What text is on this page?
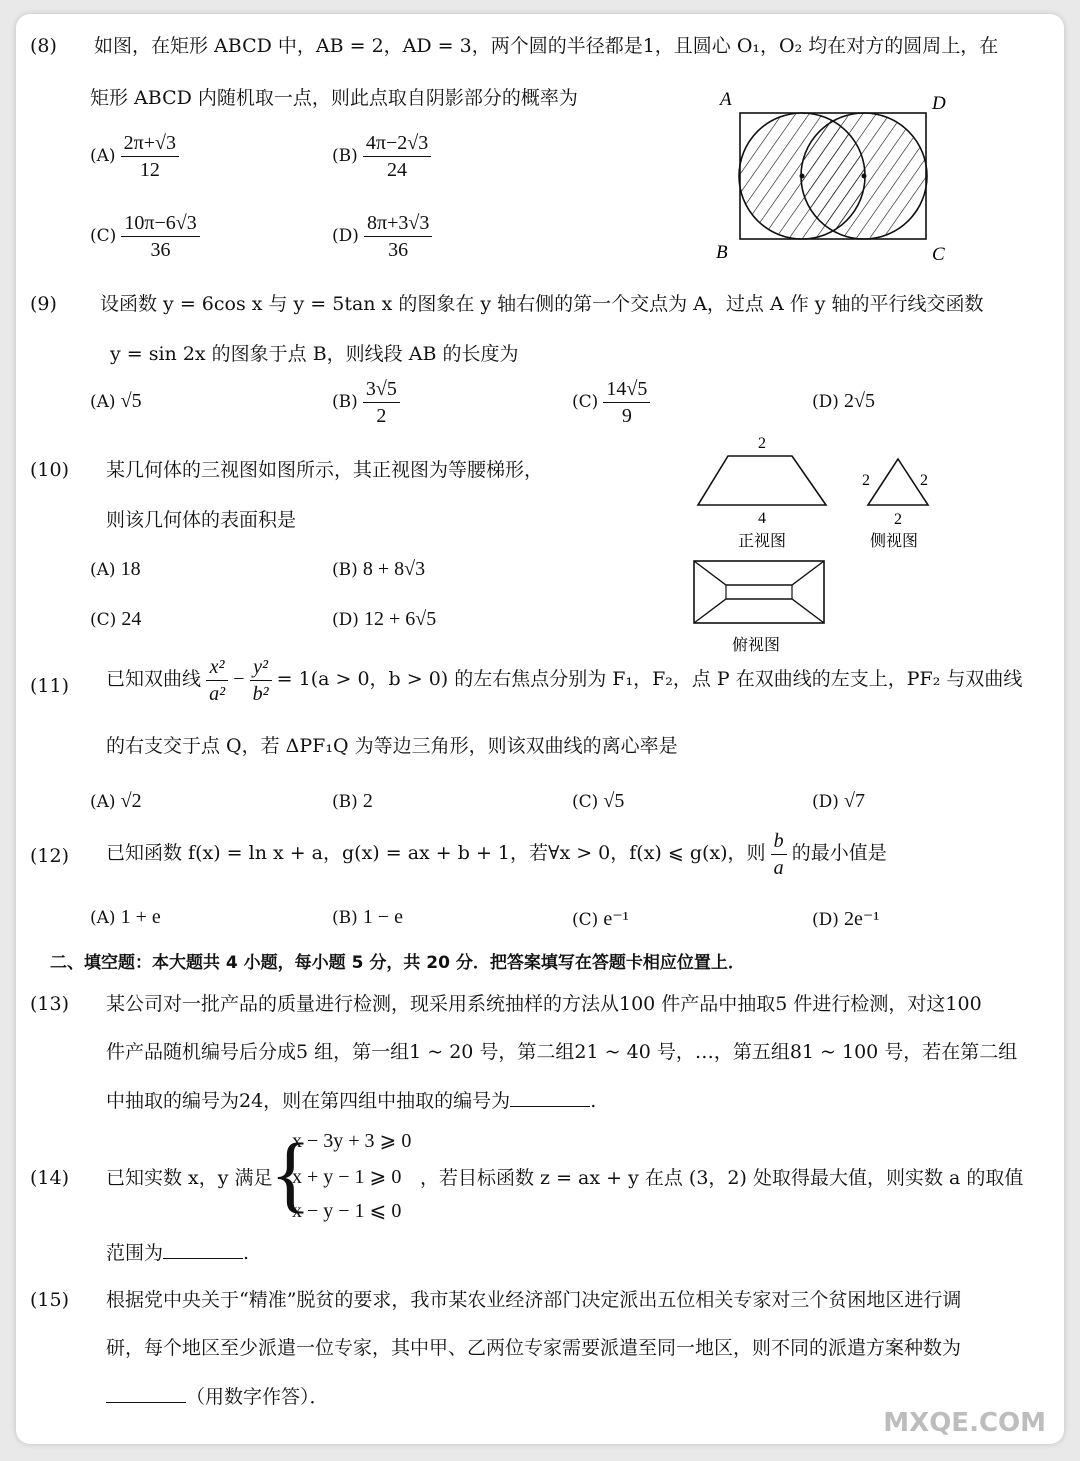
(8) 如图，在矩形 ABCD 中，AB = 2，AD = 3，两个圆的半径都是1，且圆心 O₁，O₂ 均在对方的圆周上，在
矩形 ABCD 内随机取一点，则此点取自阴影部分的概率为
$(A) \frac{2\pi+√3}{12}$	$(B) \frac{4\pi-2√3}{24}$
$(C) \frac{10\pi-6√3}{36}$	$(D) \frac{8\pi+3√3}{36}$
A	D
B	C
(9) 设函数 y = 6cos x 与 y = 5tan x 的图象在 y 轴右侧的第一个交点为 A，过点 A 作 y 轴的平行线交函数
y = sin 2x 的图象于点 B，则线段 AB 的长度为
(A) √5	$(B) \frac{3√5}{2}$	$(C) \frac{14√5}{9}$	(D) 2√5
(10) 某几何体的三视图如图所示，其正视图为等腰梯形，
则该几何体的表面积是
(A) 18	(B) 8 + 8√3
(C) 24	(D) 12 + 6√5
2
4
正视图
2	2
2
侧视图
俯视图
(11) 已知双曲线 $\frac{\text{x²}}{\text{a²}} - \frac{\text{y²}}{\text{b²}} = 1(a > 0$，b > 0) 的左右焦点分别为 F₁，F₂，点 P 在双曲线的左支上，PF₂ 与双曲线
的右支交于点 Q，若 ΔPF₁Q 为等边三角形，则该双曲线的离心率是
(A) √2	(B) 2	(C) √5	(D) √7
(12) 已知函数 f(x) = ln x + a，g(x) = ax + b + 1，若∀x > 0，f(x) ⩽ g(x)，则 $\frac{b}{a}$ 的最小值是
(A) 1 + e	(B) 1 − e	(C) e⁻¹	(D) 2e⁻¹
二、填空题：本大题共 4 小题，每小题 5 分，共 20 分．把答案填写在答题卡相应位置上．
(13) 某公司对一批产品的质量进行检测，现采用系统抽样的方法从100 件产品中抽取5 件进行检测，对这100
件产品随机编号后分成5 组，第一组1 ~ 20 号，第二组21 ~ 40 号，…，第五组81 ~ 100 号，若在第二组
中抽取的编号为24，则在第四组中抽取的编号为	.
(14) 已知实数 x，y 满足
{
x − 3y + 3 ⩾ 0
x + y − 1 ⩾ 0
x − y − 1 ⩽ 0
，若目标函数 z = ax + y 在点 (3，2) 处取得最大值，则实数 a 的取值
范围为	.
(15) 根据党中央关于“精准”脱贫的要求，我市某农业经济部门决定派出五位相关专家对三个贫困地区进行调
研，每个地区至少派遣一位专家，其中甲、乙两位专家需要派遣至同一地区，则不同的派遣方案种数为
（用数字作答）．
MXQE.COM
